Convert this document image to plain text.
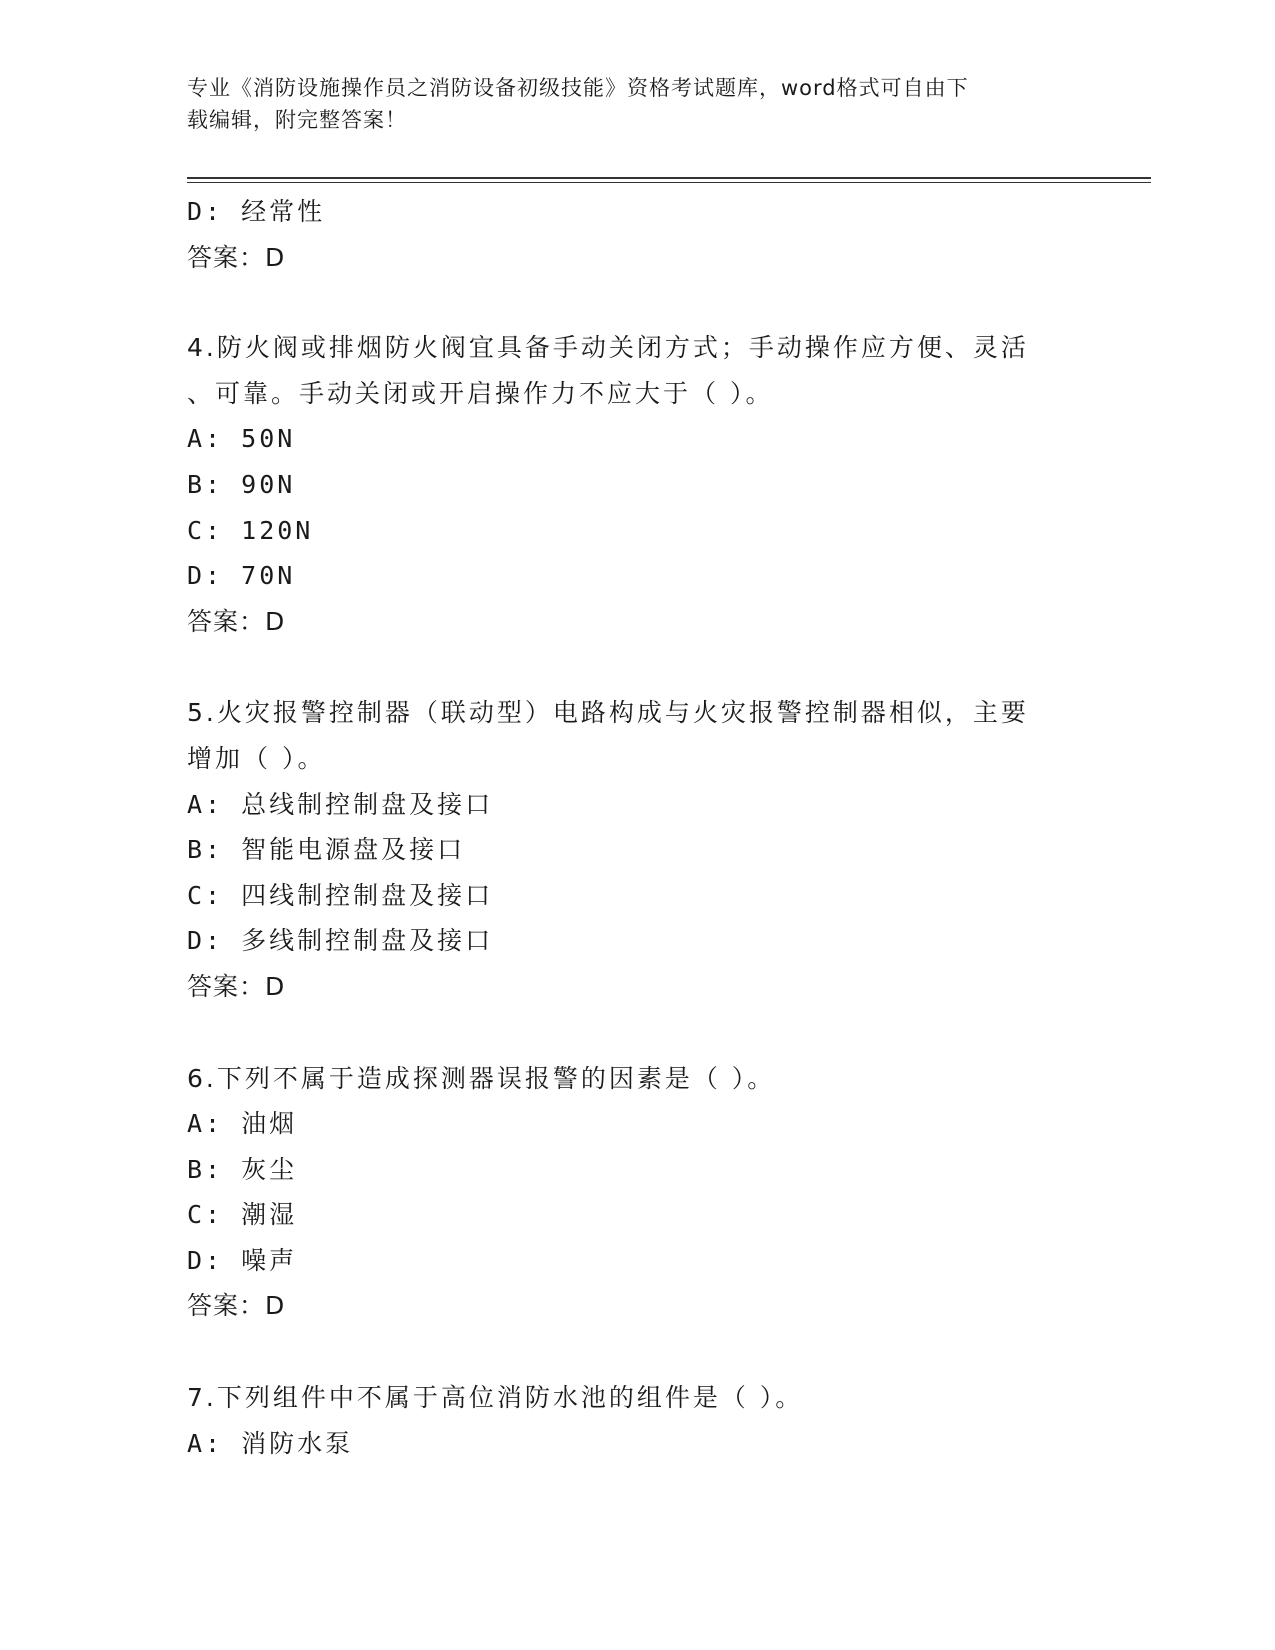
专业《消防设施操作员之消防设备初级技能》资格考试题库，word格式可自由下
载编辑，附完整答案！
D: 经常性
答案：D
4.防火阀或排烟防火阀宜具备手动关闭方式；手动操作应方便、灵活
、可靠。手动关闭或开启操作力不应大于（ ）。
A: 50N
B: 90N
C: 120N
D: 70N
答案：D
5.火灾报警控制器（联动型）电路构成与火灾报警控制器相似，主要
增加（ ）。
A: 总线制控制盘及接口
B: 智能电源盘及接口
C: 四线制控制盘及接口
D: 多线制控制盘及接口
答案：D
6.下列不属于造成探测器误报警的因素是（ ）。
A: 油烟
B: 灰尘
C: 潮湿
D: 噪声
答案：D
7.下列组件中不属于高位消防水池的组件是（ ）。
A: 消防水泵
